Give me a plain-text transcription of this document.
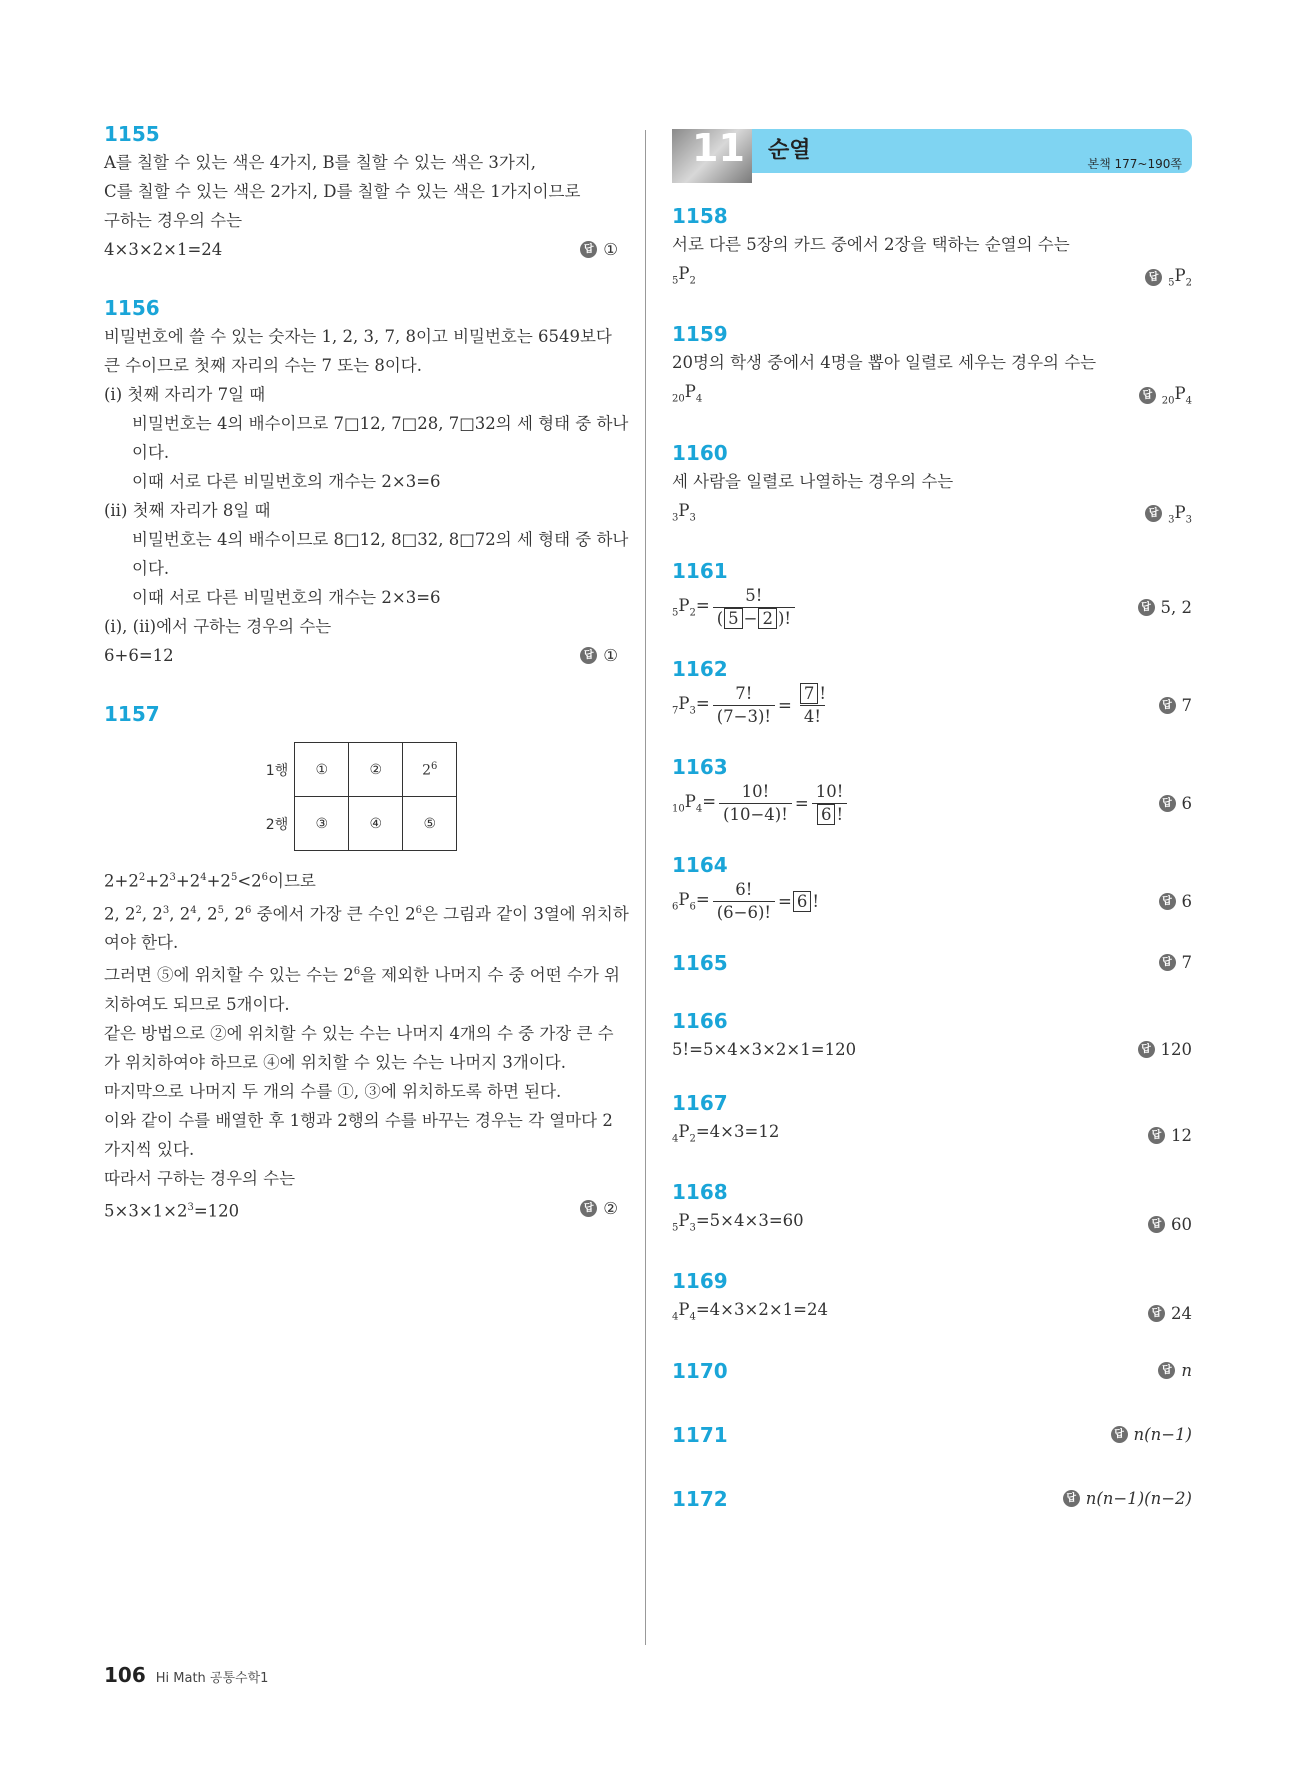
1155

A를 칠할 수 있는 색은 4가지, B를 칠할 수 있는 색은 3가지,

C를 칠할 수 있는 색은 2가지, D를 칠할 수 있는 색은 1가지이므로

구하는 경우의 수는

4×3×2×1=24	답 ①

1156

비밀번호에 쓸 수 있는 숫자는 1, 2, 3, 7, 8이고 비밀번호는 6549보다

큰 수이므로 첫째 자리의 수는 7 또는 8이다.

(ⅰ) 첫째 자리가 7일 때

비밀번호는 4의 배수이므로 7□12, 7□28, 7□32의 세 형태 중 하나

이다.

이때 서로 다른 비밀번호의 개수는 2×3=6

(ⅱ) 첫째 자리가 8일 때

비밀번호는 4의 배수이므로 8□12, 8□32, 8□72의 세 형태 중 하나

이다.

이때 서로 다른 비밀번호의 개수는 2×3=6

(ⅰ), (ⅱ)에서 구하는 경우의 수는

6+6=12	답 ①

1157

1행	①	②	$2^6$
2행	③	④	⑤

$2+2^2+2^3+2^4+2^5<2^6$이므로

2, $2^2$, $2^3$, $2^4$, $2^5$, $2^6$ 중에서 가장 큰 수인 $2^6$은 그림과 같이 3열에 위치하

여야 한다.

그러면 ⑤에 위치할 수 있는 수는 $2^6$을 제외한 나머지 수 중 어떤 수가 위

치하여도 되므로 5개이다.

같은 방법으로 ②에 위치할 수 있는 수는 나머지 4개의 수 중 가장 큰 수

가 위치하여야 하므로 ④에 위치할 수 있는 수는 나머지 3개이다.

마지막으로 나머지 두 개의 수를 ①, ③에 위치하도록 하면 된다.

이와 같이 수를 배열한 후 1행과 2행의 수를 바꾸는 경우는 각 열마다 2

가지씩 있다.

따라서 구하는 경우의 수는

$5\times 3\times 1\times 2^3=120$	답 ②
11 순열
본책 177~190쪽

1158

서로 다른 5장의 카드 중에서 2장을 택하는 순열의 수는

$_5P_2$	답
$_5P_2$

1159

20명의 학생 중에서 4명을 뽑아 일렬로 세우는 경우의 수는

$_{20}P_4$	답
$_{20}P_4$

1160

세 사람을 일렬로 나열하는 경우의 수는

$_3P_3$	답
$_3P_3$

1161

$_5P_2= \frac{5!}{( 5 - 2 )!}$	답 5, 2

1162

$_7P_3= \frac{7!}{(7-3)!} = \frac{7 !}{4!}$	답 7

1163

$_{10}P_4= \frac{10!}{(10-4)!} = \frac{10!}{6 !}$	답 6

1164

$_6P_6= \frac{6!}{(6-6)!} = 6$ !	답 6

1165	답 7

1166

5!=5×4×3×2×1=120	답 120

1167

$_4P_2=4\times 3=12$	답 12

1168

$_5P_3=5\times 4\times 3=60$	답 60

1169

$_4P_4=4\times 3\times 2\times 1=24$	답 24

1170	답 n

1171	답 n(n−1)

1172	답 n(n−1)(n−2)
106 Hi Math 공통수학1
